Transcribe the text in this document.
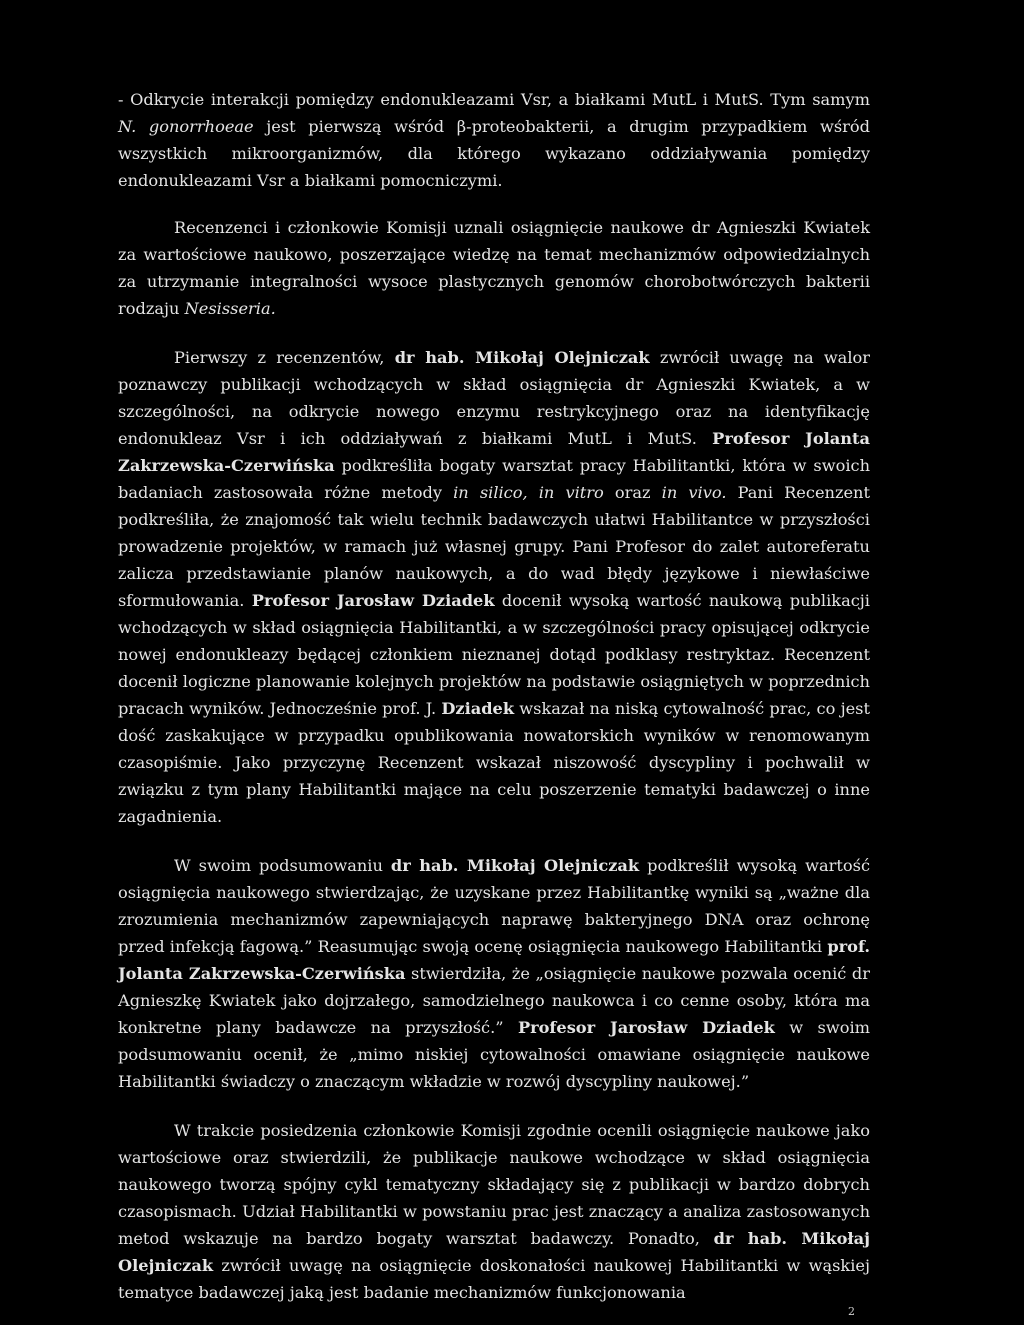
- Odkrycie interakcji pomiędzy endonukleazami Vsr, a białkami MutL i MutS. Tym samym N. gonorrhoeae jest pierwszą wśród β-proteobakterii, a drugim przypadkiem wśród wszystkich mikroorganizmów, dla którego wykazano oddziaływania pomiędzy endonukleazami Vsr a białkami pomocniczymi.

Recenzenci i członkowie Komisji uznali osiągnięcie naukowe dr Agnieszki Kwiatek za wartościowe naukowo, poszerzające wiedzę na temat mechanizmów odpowiedzialnych za utrzymanie integralności wysoce plastycznych genomów chorobotwórczych bakterii rodzaju Nesisseria.

Pierwszy z recenzentów, dr hab. Mikołaj Olejniczak zwrócił uwagę na walor poznawczy publikacji wchodzących w skład osiągnięcia dr Agnieszki Kwiatek, a w szczególności, na odkrycie nowego enzymu restrykcyjnego oraz na identyfikację endonukleaz Vsr i ich oddziaływań z białkami MutL i MutS. Profesor Jolanta Zakrzewska-Czerwińska podkreśliła bogaty warsztat pracy Habilitantki, która w swoich badaniach zastosowała różne metody in silico, in vitro oraz in vivo. Pani Recenzent podkreśliła, że znajomość tak wielu technik badawczych ułatwi Habilitantce w przyszłości prowadzenie projektów, w ramach już własnej grupy. Pani Profesor do zalet autoreferatu zalicza przedstawianie planów naukowych, a do wad błędy językowe i niewłaściwe sformułowania. Profesor Jarosław Dziadek docenił wysoką wartość naukową publikacji wchodzących w skład osiągnięcia Habilitantki, a w szczególności pracy opisującej odkrycie nowej endonukleazy będącej członkiem nieznanej dotąd podklasy restryktaz. Recenzent docenił logiczne planowanie kolejnych projektów na podstawie osiągniętych w poprzednich pracach wyników. Jednocześnie prof. J. Dziadek wskazał na niską cytowalność prac, co jest dość zaskakujące w przypadku opublikowania nowatorskich wyników w renomowanym czasopiśmie. Jako przyczynę Recenzent wskazał niszowość dyscypliny i pochwalił w związku z tym plany Habilitantki mające na celu poszerzenie tematyki badawczej o inne zagadnienia.

W swoim podsumowaniu dr hab. Mikołaj Olejniczak podkreślił wysoką wartość osiągnięcia naukowego stwierdzając, że uzyskane przez Habilitantkę wyniki są „ważne dla zrozumienia mechanizmów zapewniających naprawę bakteryjnego DNA oraz ochronę przed infekcją fagową.” Reasumując swoją ocenę osiągnięcia naukowego Habilitantki prof. Jolanta Zakrzewska-Czerwińska stwierdziła, że „osiągnięcie naukowe pozwala ocenić dr Agnieszkę Kwiatek jako dojrzałego, samodzielnego naukowca i co cenne osoby, która ma konkretne plany badawcze na przyszłość.” Profesor Jarosław Dziadek w swoim podsumowaniu ocenił, że „mimo niskiej cytowalności omawiane osiągnięcie naukowe Habilitantki świadczy o znaczącym wkładzie w rozwój dyscypliny naukowej.”

W trakcie posiedzenia członkowie Komisji zgodnie ocenili osiągnięcie naukowe jako wartościowe oraz stwierdzili, że publikacje naukowe wchodzące w skład osiągnięcia naukowego tworzą spójny cykl tematyczny składający się z publikacji w bardzo dobrych czasopismach. Udział Habilitantki w powstaniu prac jest znaczący a analiza zastosowanych metod wskazuje na bardzo bogaty warsztat badawczy. Ponadto, dr hab. Mikołaj Olejniczak zwrócił uwagę na osiągnięcie doskonałości naukowej Habilitantki w wąskiej tematyce badawczej jaką jest badanie mechanizmów funkcjonowania

2
